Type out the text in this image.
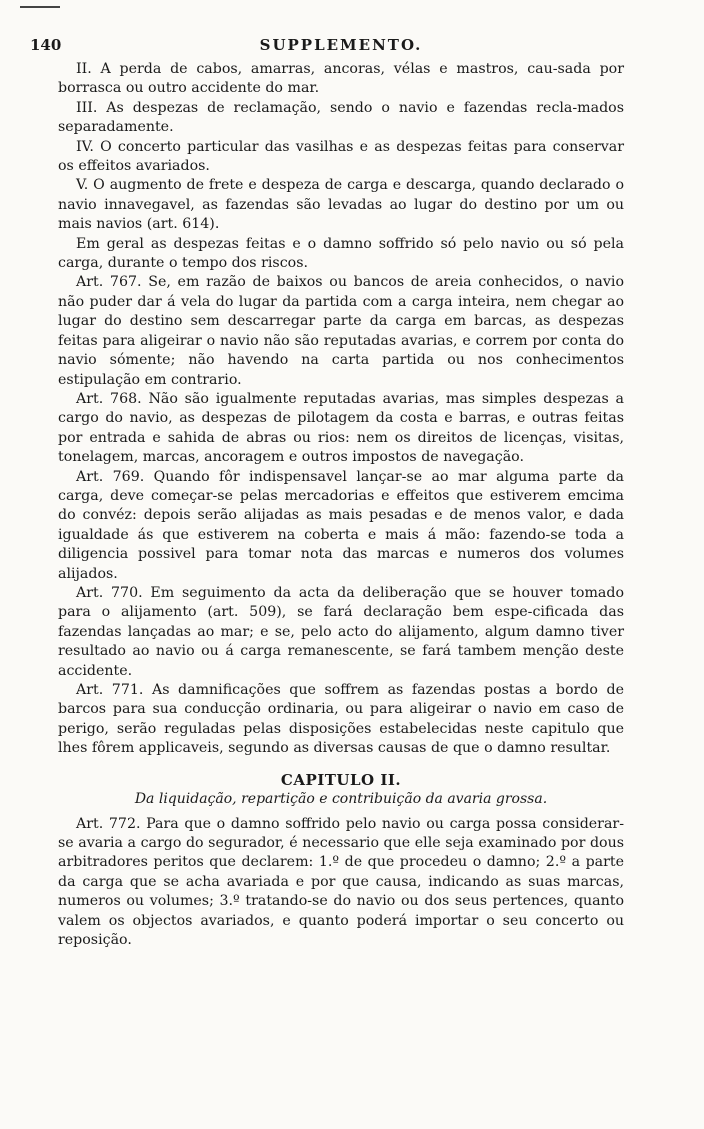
140	SUPPLEMENTO.

II. A perda de cabos, amarras, ancoras, vélas e mastros, cau-sada por borrasca ou outro accidente do mar.

III. As despezas de reclamação, sendo o navio e fazendas recla-mados separadamente.

IV. O concerto particular das vasilhas e as despezas feitas para conservar os effeitos avariados.

V. O augmento de frete e despeza de carga e descarga, quando declarado o navio innavegavel, as fazendas são levadas ao lugar do destino por um ou mais navios (art. 614).

Em geral as despezas feitas e o damno soffrido só pelo navio ou só pela carga, durante o tempo dos riscos.

Art. 767. Se, em razão de baixos ou bancos de areia conhecidos, o navio não puder dar á vela do lugar da partida com a carga inteira, nem chegar ao lugar do destino sem descarregar parte da carga em barcas, as despezas feitas para aligeirar o navio não são reputadas avarias, e correm por conta do navio sómente; não havendo na carta partida ou nos conhecimentos estipulação em contrario.

Art. 768. Não são igualmente reputadas avarias, mas simples despezas a cargo do navio, as despezas de pilotagem da costa e barras, e outras feitas por entrada e sahida de abras ou rios: nem os direitos de licenças, visitas, tonelagem, marcas, ancoragem e outros impostos de navegação.

Art. 769. Quando fôr indispensavel lançar-se ao mar alguma parte da carga, deve começar-se pelas mercadorias e effeitos que estiverem emcima do convéz: depois serão alijadas as mais pesadas e de menos valor, e dada igualdade ás que estiverem na coberta e mais á mão: fazendo-se toda a diligencia possivel para tomar nota das marcas e numeros dos volumes alijados.

Art. 770. Em seguimento da acta da deliberação que se houver tomado para o alijamento (art. 509), se fará declaração bem espe-cificada das fazendas lançadas ao mar; e se, pelo acto do alijamento, algum damno tiver resultado ao navio ou á carga remanescente, se fará tambem menção deste accidente.

Art. 771. As damnificações que soffrem as fazendas postas a bordo de barcos para sua conducção ordinaria, ou para aligeirar o navio em caso de perigo, serão reguladas pelas disposições estabelecidas neste capitulo que lhes fôrem applicaveis, segundo as diversas causas de que o damno resultar.

CAPITULO II.
Da liquidação, repartição e contribuição da avaria grossa.

Art. 772. Para que o damno soffrido pelo navio ou carga possa considerar-se avaria a cargo do segurador, é necessario que elle seja examinado por dous arbitradores peritos que declarem: 1.º de que procedeu o damno; 2.º a parte da carga que se acha avariada e por que causa, indicando as suas marcas, numeros ou volumes; 3.º tratando-se do navio ou dos seus pertences, quanto valem os objectos avariados, e quanto poderá importar o seu concerto ou reposição.
